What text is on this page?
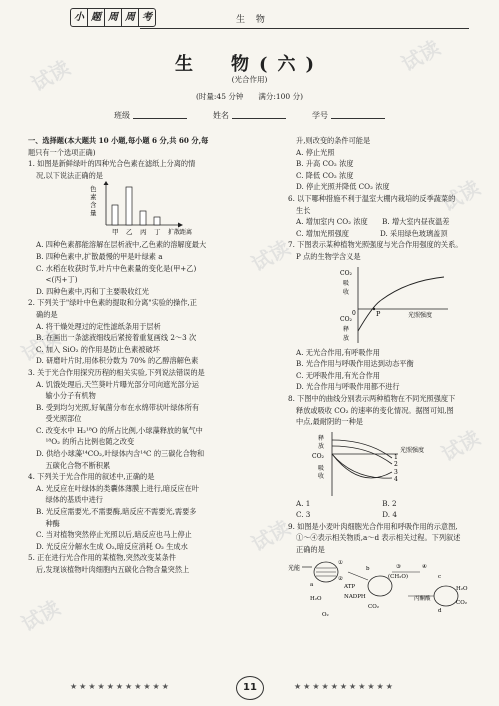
小 题 周 周 考	生 物
试读
试读
试读
试读
试读
试读
试读
试读
生　物(六)
(光合作用)
(时量:45 分钟　　满分:100 分)
班级	姓名	学号

一、选择题(本大题共 10 小题,每小题 6 分,共 60 分,每

题只有一个选项正确)

1. 如图是新鲜绿叶的四种光合色素在滤纸上分离的情

况,以下说法正确的是

色
素
含
量
甲 乙 丙 丁 扩散距离

A. 四种色素都能溶解在层析液中,乙色素的溶解度最大

B. 四种色素中,扩散最慢的甲是叶绿素 a

C. 水稻在收获时节,叶片中色素量的变化是(甲+乙)

　 <(丙+丁)

D. 四种色素中,丙和丁主要吸收红光

2. 下列关于"绿叶中色素的提取和分离"实验的操作,正

确的是

A. 将干燥处理过的定性滤纸条用于层析

B. 在画出一条滤液细线后紧接着重复画线 2～3 次

C. 加入 SiO₂ 的作用是防止色素被破坏

D. 研磨叶片时,用体积分数为 70% 的乙醇溶解色素

3. 关于光合作用探究历程的相关实验,下列说法错误的是

A. 饥饿处理后,天竺葵叶片曝光部分可向遮光部分运

　 输小分子有机物

B. 受到均匀光照,好氧菌分布在水绵带状叶绿体所有

　 受光照部位

C. 改变水中 H₂¹⁸O 的所占比例,小球藻释放的氧气中

　 ¹⁸O₂ 的所占比例也随之改变

D. 供给小球藻¹⁴CO₂,叶绿体内含¹⁴C 的三碳化合物和

　 五碳化合物不断积累

4. 下列关于光合作用的叙述中,正确的是

A. 光反应在叶绿体的类囊体薄膜上进行,暗反应在叶

　 绿体的基质中进行

B. 光反应需要光,不需要酶,暗反应不需要光,需要多

　 种酶

C. 当对植物突然停止光照以后,暗反应也马上停止

D. 光反应分解水生成 O₂,暗反应消耗 O₂ 生成水

5. 正在进行光合作用的某植物,突然改变某条件

后,发现该植物叶肉细胞内五碳化合物含量突然上

升,则改变的条件可能是

A. 停止光照

B. 升高 CO₂ 浓度

C. 降低 CO₂ 浓度

D. 停止光照并降低 CO₂ 浓度

6. 以下哪种措施不利于温室大棚内栽培的反季蔬菜的

生长

A. 增加室内 CO₂ 浓度　　B. 增大室内昼夜温差

C. 增加光照强度　　　　 D. 采用绿色玻璃盖顶

7. 下图表示某种植物光照强度与光合作用强度的关系。

P 点的生物学含义是

CO₂
吸
收
CO₂
释
放
0	P	光照强度

A. 无光合作用,有呼吸作用

B. 光合作用与呼吸作用达到动态平衡

C. 无呼吸作用,有光合作用

D. 光合作用与呼吸作用都不进行

8. 下图中的曲线分别表示两种植物在不同光照强度下

释放或吸收 CO₂ 的速率的变化情况。据图可知,图

中点,最耐阴的一种是

释
放
CO₂
吸
收
1
2
3
4
光照强度

A. 1　　　　　　　　　　B. 2

C. 3　　　　　　　　　　D. 4

9. 如图是小麦叶肉细胞光合作用和呼吸作用的示意图,

①～④表示相关物质,a～d 表示相关过程。下列叙述

正确的是

光能
①
②
ATP
NADPH
③
(CH₂O)
④
丙酮酸
H₂O
CO₂
H₂O
CO₂
O₂
a
b
c
d
★★★★★★★★★★★	11	★★★★★★★★★★★
